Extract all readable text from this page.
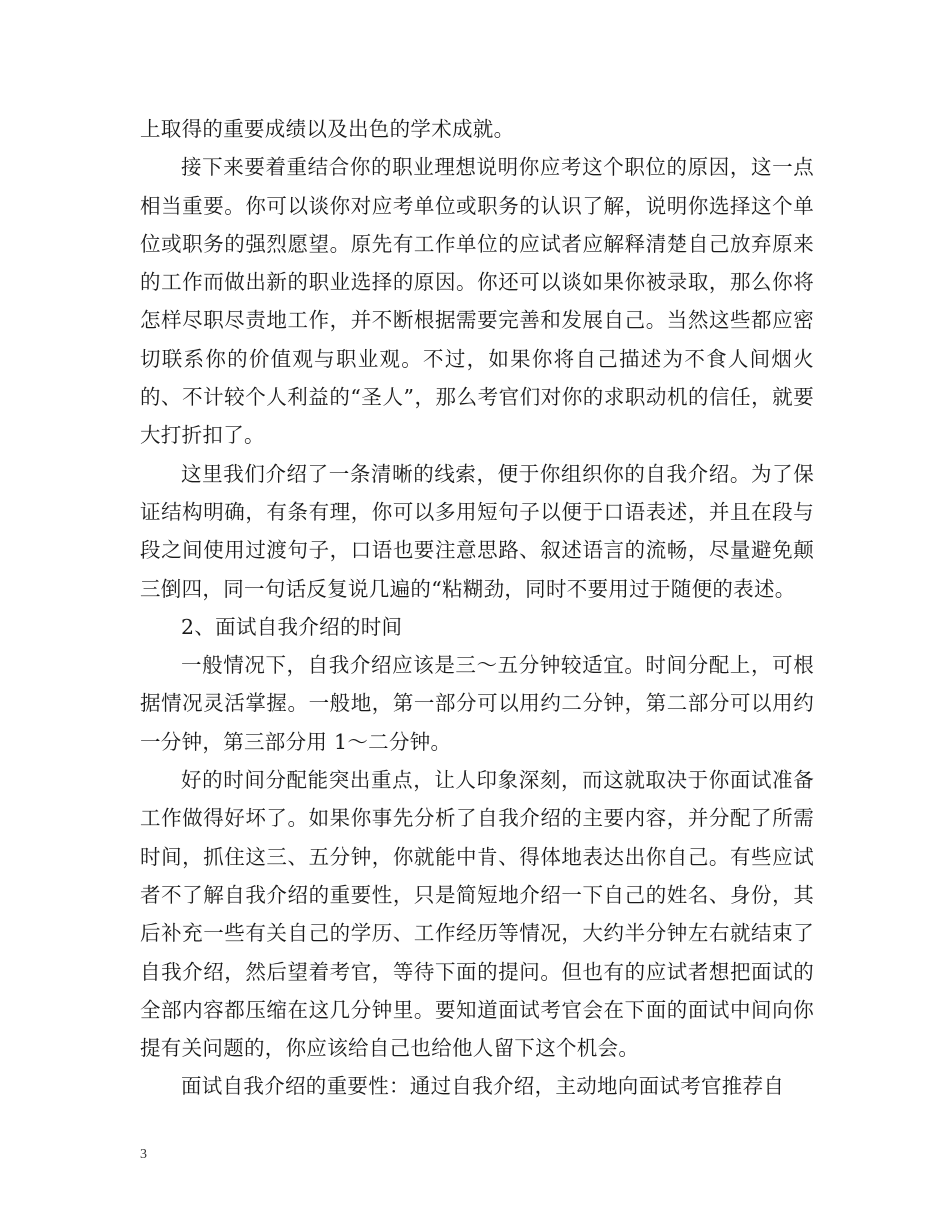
上取得的重要成绩以及出色的学术成就。

接下来要着重结合你的职业理想说明你应考这个职位的原因，这一点相当重要。你可以谈你对应考单位或职务的认识了解，说明你选择这个单位或职务的强烈愿望。原先有工作单位的应试者应解释清楚自己放弃原来的工作而做出新的职业选择的原因。你还可以谈如果你被录取，那么你将怎样尽职尽责地工作，并不断根据需要完善和发展自己。当然这些都应密切联系你的价值观与职业观。不过，如果你将自己描述为不食人间烟火的、不计较个人利益的“圣人”，那么考官们对你的求职动机的信任，就要大打折扣了。

这里我们介绍了一条清晰的线索，便于你组织你的自我介绍。为了保证结构明确，有条有理，你可以多用短句子以便于口语表述，并且在段与段之间使用过渡句子，口语也要注意思路、叙述语言的流畅，尽量避免颠三倒四，同一句话反复说几遍的“粘糊劲，同时不要用过于随便的表述。

2、面试自我介绍的时间

一般情况下，自我介绍应该是三～五分钟较适宜。时间分配上，可根据情况灵活掌握。一般地，第一部分可以用约二分钟，第二部分可以用约一分钟，第三部分用 1～二分钟。

好的时间分配能突出重点，让人印象深刻，而这就取决于你面试准备工作做得好坏了。如果你事先分析了自我介绍的主要内容，并分配了所需时间，抓住这三、五分钟，你就能中肯、得体地表达出你自己。有些应试者不了解自我介绍的重要性，只是简短地介绍一下自己的姓名、身份，其后补充一些有关自己的学历、工作经历等情况，大约半分钟左右就结束了自我介绍，然后望着考官，等待下面的提问。但也有的应试者想把面试的全部内容都压缩在这几分钟里。要知道面试考官会在下面的面试中间向你提有关问题的，你应该给自己也给他人留下这个机会。

面试自我介绍的重要性：通过自我介绍，主动地向面试考官推荐自

3
